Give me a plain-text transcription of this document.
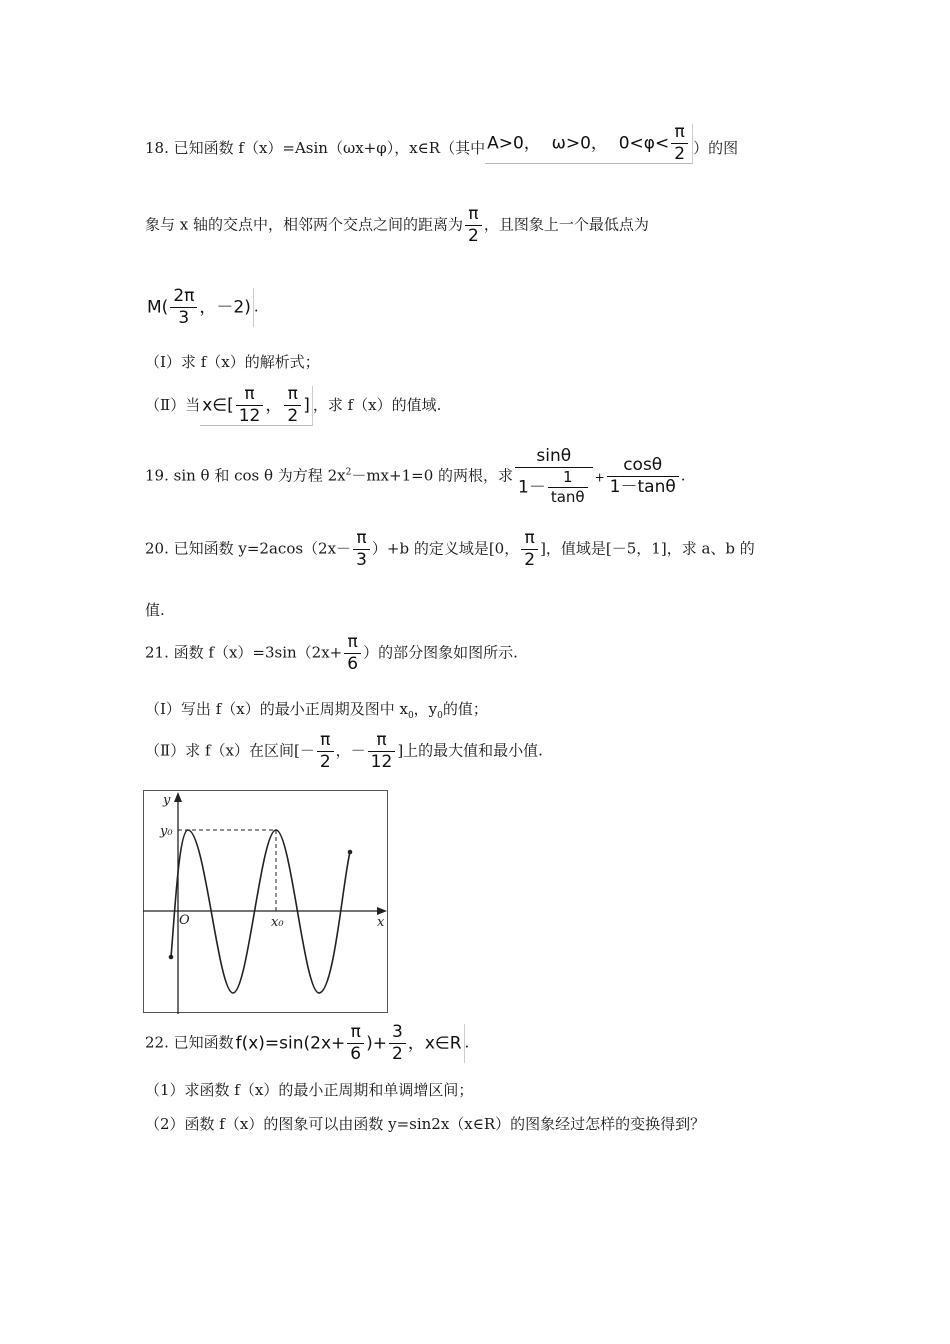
18. 已知函数 f（x）=Asin（ωx+φ），x∈R（其中 A>0， ω>0， $0<\varphi< \frac{\pi}{2}$ ）的图
象与 x 轴的交点中，相邻两个交点之间的距离为 $\frac{\pi}{2}$ ，且图象上一个最低点为
$M( \frac{2\pi}{3}$ ，－2) .
（Ⅰ）求 f（x）的解析式；
（Ⅱ）当 x∈[ $\frac{\pi}{12}$ ， $\frac{\pi}{2}$ ] ，求 f（x）的值域.
19. sin θ 和 cos θ 为方程 $2x^2-mx+1=0$ 的两根，求 $\frac{\sin\theta}{1- \frac{1}{\tan\theta}} + \frac{\cos\theta}{1-\tan\theta}$ .
20. 已知函数 $y=2acos(2x- \frac{\pi}{3} )+b$ 的定义域是[0， $\frac{\pi}{2}$ ]，值域是[－5，1]，求 a、b 的
值.
21. 函数 $f(x)=3\sin(2x+ \frac{\pi}{6}$ ）的部分图象如图所示.
（Ⅰ）写出 f（x）的最小正周期及图中 $x_0$，$y_0$的值；
（Ⅱ）求 f（x）在区间[－ $\frac{\pi}{2}$ ，－ $\frac{\pi}{12}$ ]上的最大值和最小值.
y
x
O
y₀
x₀
22. 已知函数 $f(x)=\sin(2x+ \frac{\pi}{6}$ )+ $\frac{3}{2}$ ，x∈R .
（1）求函数 f（x）的最小正周期和单调增区间；
（2）函数 f（x）的图象可以由函数 y=sin2x（x∈R）的图象经过怎样的变换得到？
